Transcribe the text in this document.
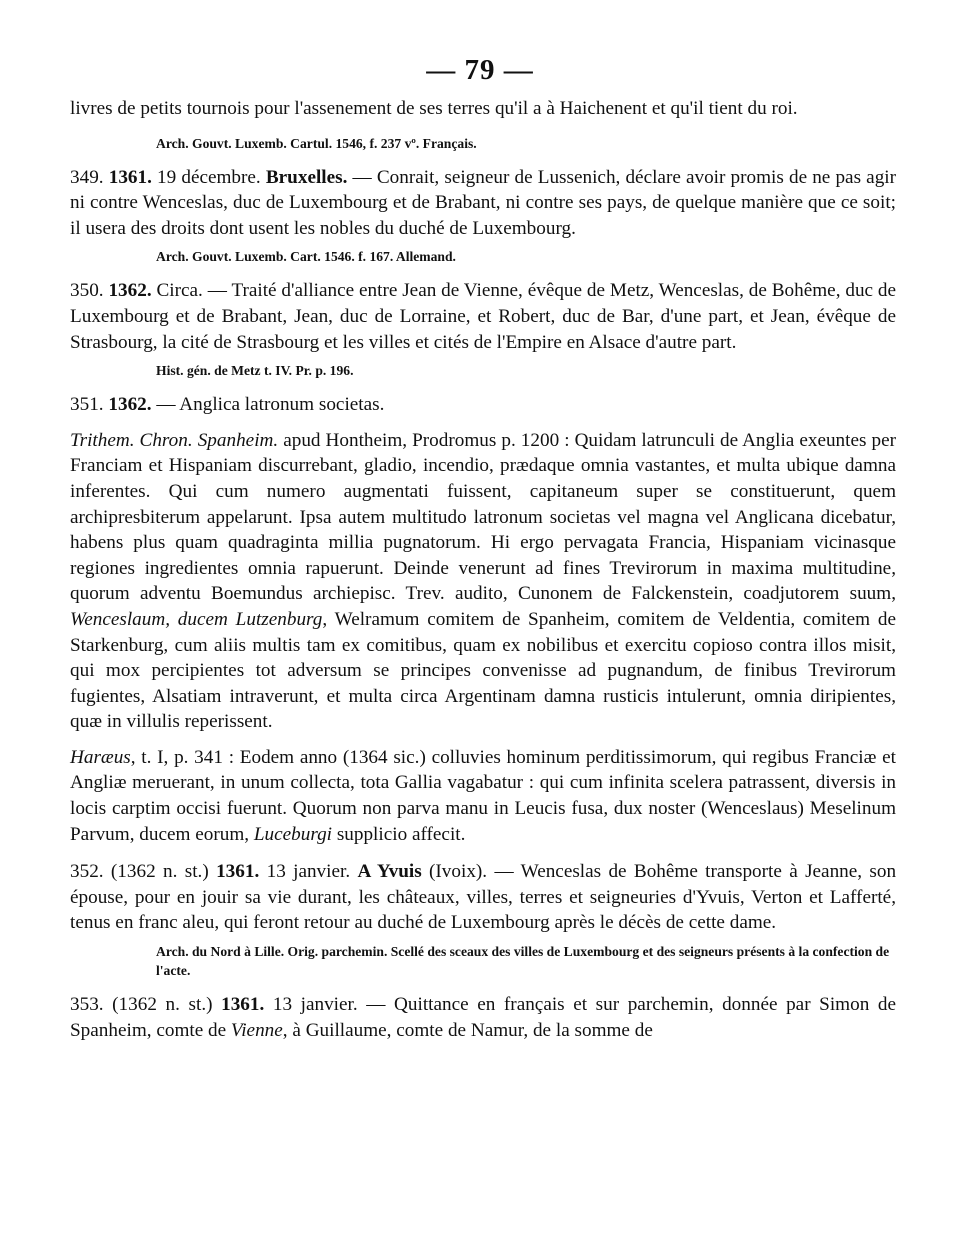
— 79 —

livres de petits tournois pour l'assenement de ses terres qu'il a à Haichenent et qu'il tient du roi.

Arch. Gouvt. Luxemb. Cartul. 1546, f. 237 vº. Français.

349. 1361. 19 décembre. Bruxelles. — Conrait, seigneur de Lussenich, déclare avoir promis de ne pas agir ni contre Wenceslas, duc de Luxembourg et de Brabant, ni contre ses pays, de quelque manière que ce soit; il usera des droits dont usent les nobles du duché de Luxembourg.

Arch. Gouvt. Luxemb. Cart. 1546. f. 167. Allemand.

350. 1362. Circa. — Traité d'alliance entre Jean de Vienne, évêque de Metz, Wenceslas, de Bohême, duc de Luxembourg et de Brabant, Jean, duc de Lorraine, et Robert, duc de Bar, d'une part, et Jean, évêque de Strasbourg, la cité de Strasbourg et les villes et cités de l'Empire en Alsace d'autre part.

Hist. gén. de Metz t. IV. Pr. p. 196.

351. 1362. — Anglica latronum societas.

Trithem. Chron. Spanheim. apud Hontheim, Prodromus p. 1200 : Quidam latrunculi de Anglia exeuntes per Franciam et Hispaniam discurrebant, gladio, incendio, prædaque omnia vastantes, et multa ubique damna inferentes. Qui cum numero augmentati fuissent, capitaneum super se constituerunt, quem archipresbiterum appelarunt. Ipsa autem multitudo latronum societas vel magna vel Anglicana dicebatur, habens plus quam quadraginta millia pugnatorum. Hi ergo pervagata Francia, Hispaniam vicinasque regiones ingredientes omnia rapuerunt. Deinde venerunt ad fines Trevirorum in maxima multitudine, quorum adventu Boemundus archiepisc. Trev. audito, Cunonem de Falckenstein, coadjutorem suum, Wenceslaum, ducem Lutzenburg, Welramum comitem de Spanheim, comitem de Veldentia, comitem de Starkenburg, cum aliis multis tam ex comitibus, quam ex nobilibus et exercitu copioso contra illos misit, qui mox percipientes tot adversum se principes convenisse ad pugnandum, de finibus Trevirorum fugientes, Alsatiam intraverunt, et multa circa Argentinam damna rusticis intulerunt, omnia diripientes, quæ in villulis reperissent.

Haræus, t. I, p. 341 : Eodem anno (1364 sic.) colluvies hominum perditissimorum, qui regibus Franciæ et Angliæ meruerant, in unum collecta, tota Gallia vagabatur : qui cum infinita scelera patrassent, diversis in locis carptim occisi fuerunt. Quorum non parva manu in Leucis fusa, dux noster (Wenceslaus) Meselinum Parvum, ducem eorum, Luceburgi supplicio affecit.

352. (1362 n. st.) 1361. 13 janvier. A Yvuis (Ivoix). — Wenceslas de Bohême transporte à Jeanne, son épouse, pour en jouir sa vie durant, les châteaux, villes, terres et seigneuries d'Yvuis, Verton et Lafferté, tenus en franc aleu, qui feront retour au duché de Luxembourg après le décès de cette dame.

Arch. du Nord à Lille. Orig. parchemin. Scellé des sceaux des villes de Luxembourg et des seigneurs présents à la confection de l'acte.

353. (1362 n. st.) 1361. 13 janvier. — Quittance en français et sur parchemin, donnée par Simon de Spanheim, comte de Vienne, à Guillaume, comte de Namur, de la somme de
